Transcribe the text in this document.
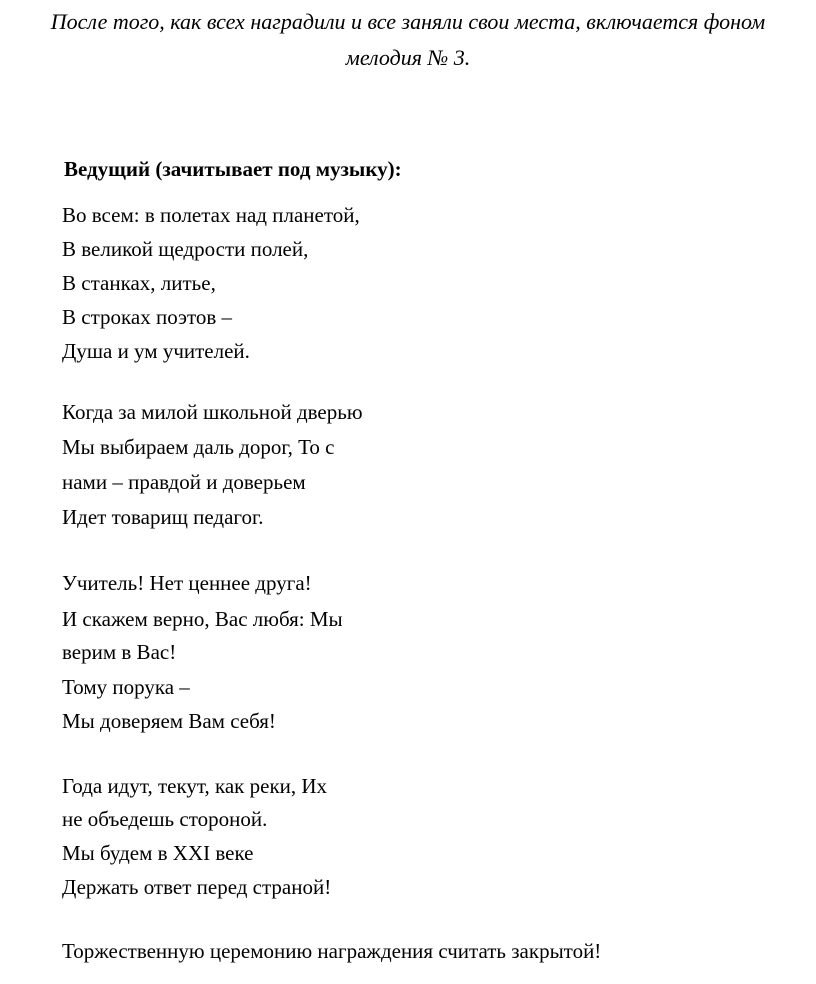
После того, как всех наградили и все заняли свои места, включается фоном
мелодия № 3.
Ведущий (зачитывает под музыку):
Во всем: в полетах над планетой,
В великой щедрости полей,
В станках, литье,
В строках поэтов –
Душа и ум учителей.
Когда за милой школьной дверью
Мы выбираем даль дорог, То с
нами – правдой и доверьем
Идет товарищ педагог.
Учитель! Нет ценнее друга!
И скажем верно, Вас любя: Мы
верим в Вас!
Тому порука –
Мы доверяем Вам себя!
Года идут, текут, как реки, Их
не объедешь стороной.
Мы будем в XXI веке
Держать ответ перед страной!
Торжественную церемонию награждения считать закрытой!
